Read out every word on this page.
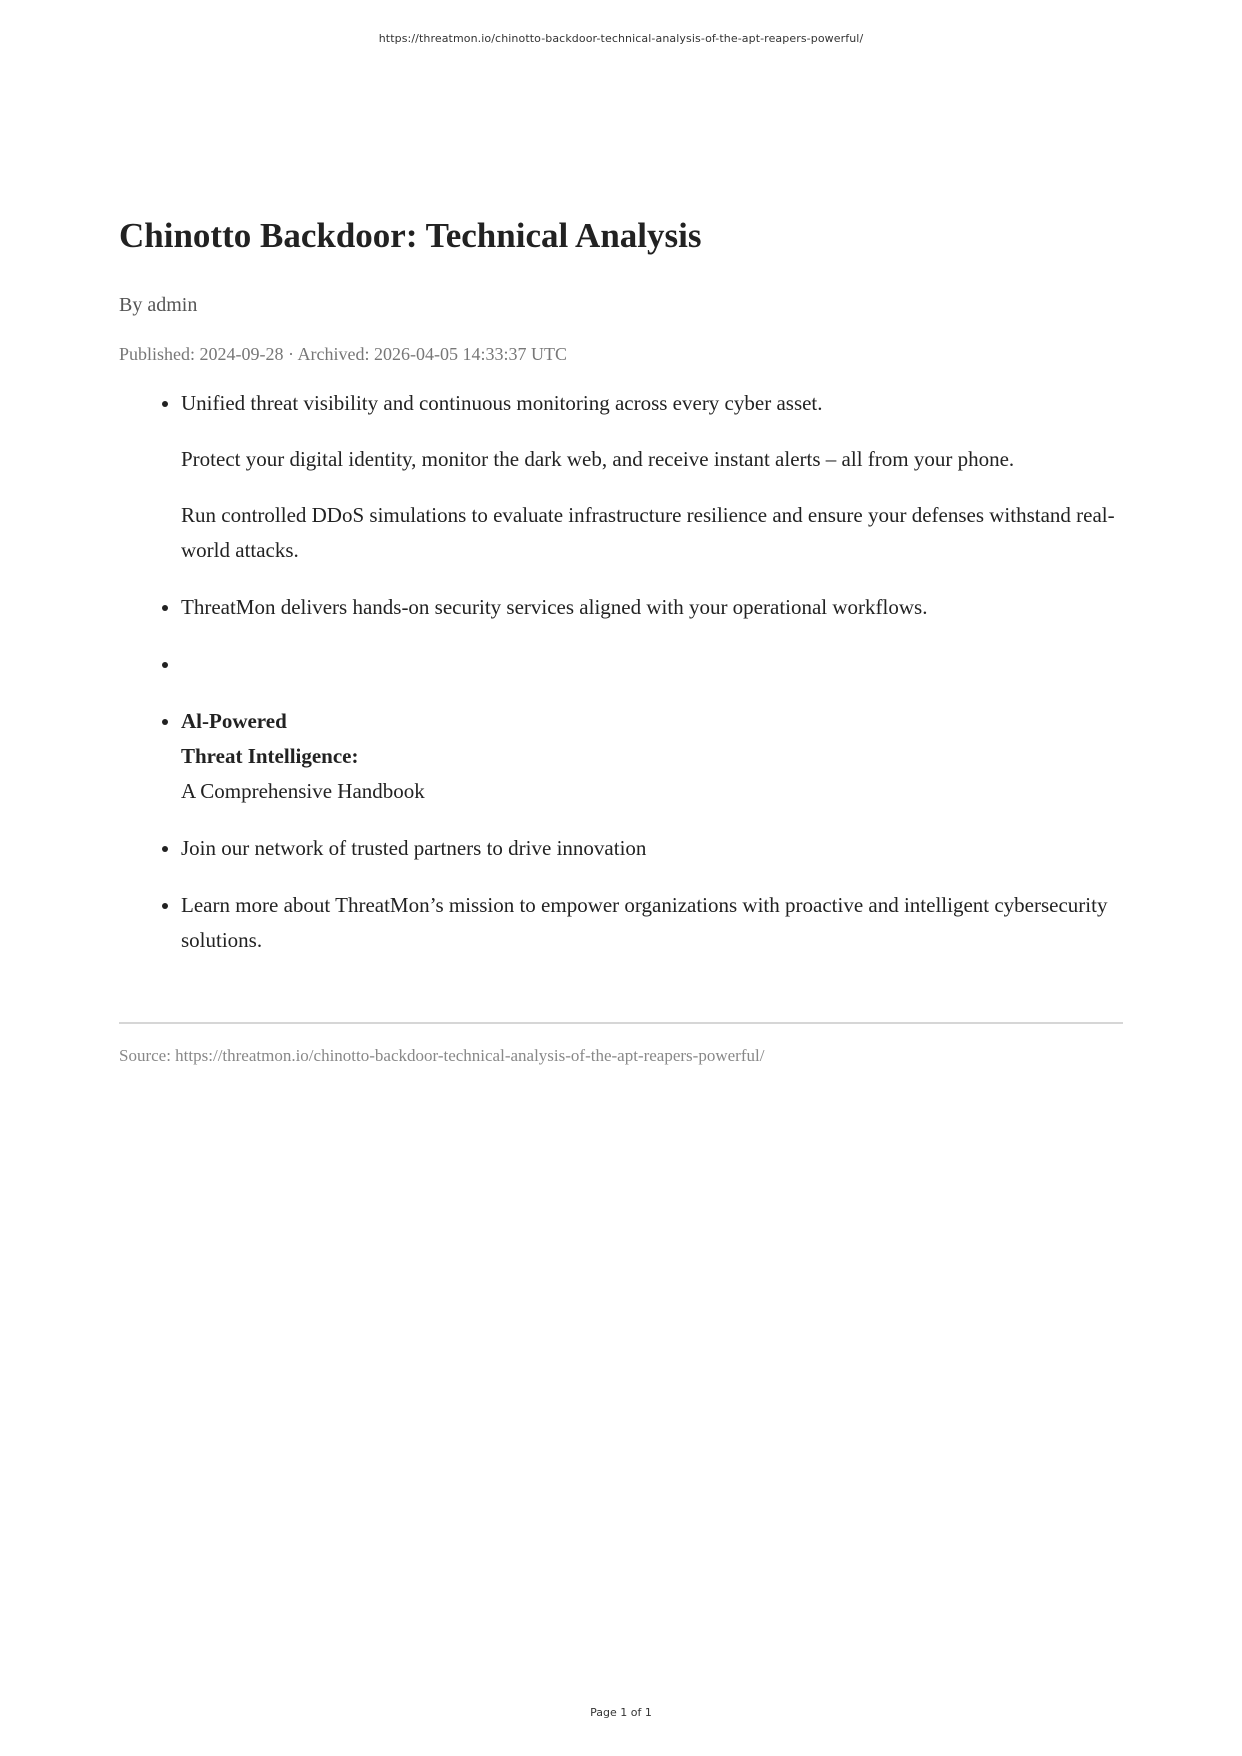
https://threatmon.io/chinotto-backdoor-technical-analysis-of-the-apt-reapers-powerful/
Chinotto Backdoor: Technical Analysis
By admin
Published: 2024-09-28 · Archived: 2026-04-05 14:33:37 UTC
• Unified threat visibility and continuous monitoring across every cyber asset.
Protect your digital identity, monitor the dark web, and receive instant alerts – all from your phone.
Run controlled DDoS simulations to evaluate infrastructure resilience and ensure your defenses withstand real-world attacks.
• ThreatMon delivers hands-on security services aligned with your operational workflows.
•
• Al-Powered
Threat Intelligence:
A Comprehensive Handbook
• Join our network of trusted partners to drive innovation
• Learn more about ThreatMon’s mission to empower organizations with proactive and intelligent cybersecurity solutions.
Source: https://threatmon.io/chinotto-backdoor-technical-analysis-of-the-apt-reapers-powerful/
Page 1 of 1
